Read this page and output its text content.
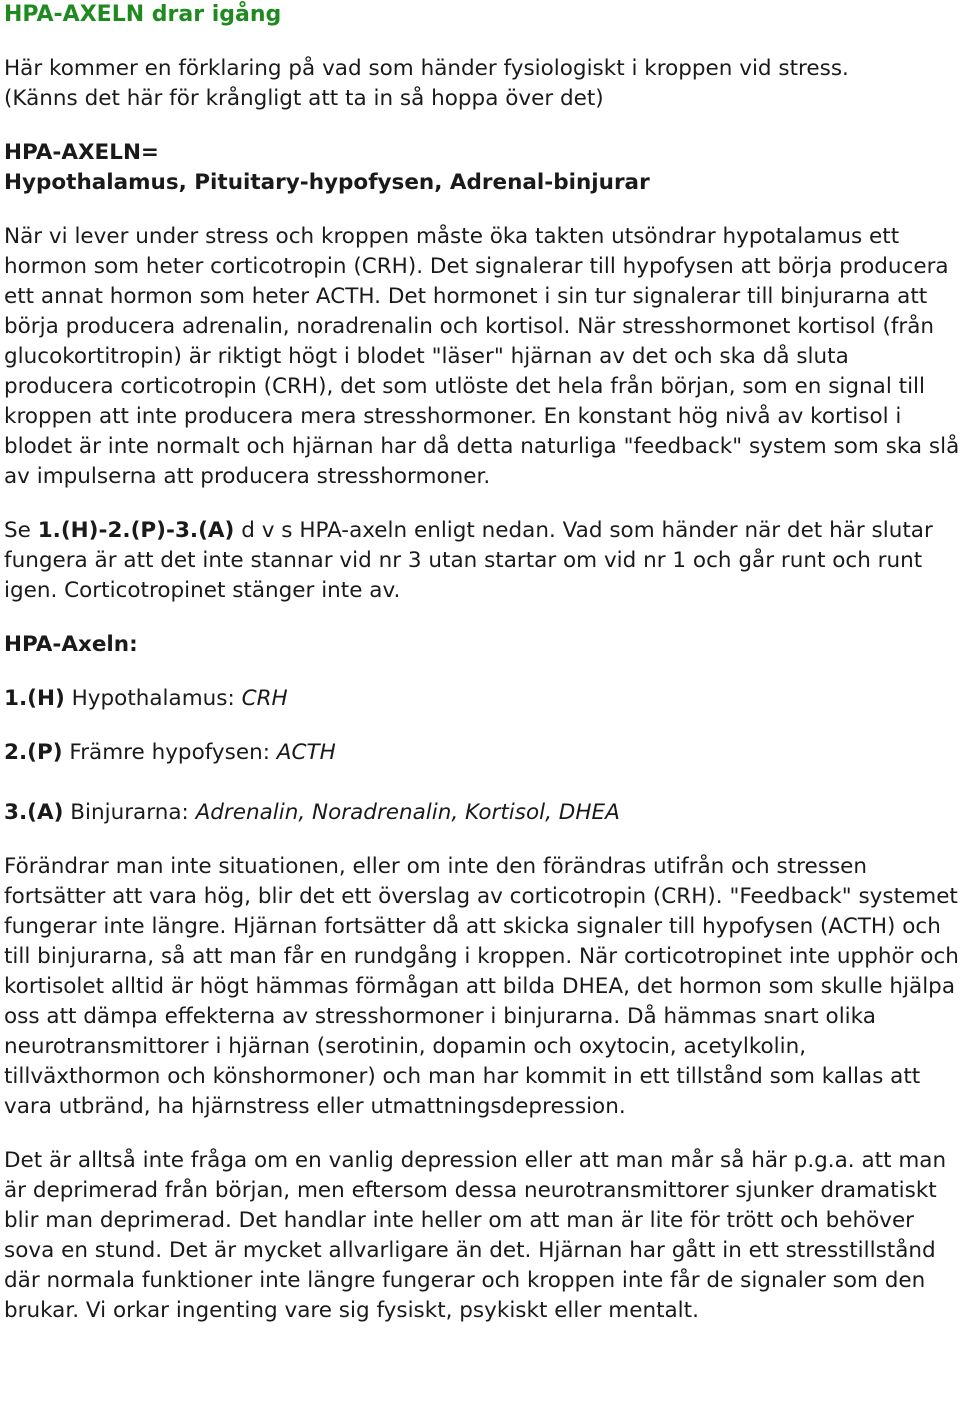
HPA-AXELN drar igång

Här kommer en förklaring på vad som händer fysiologiskt i kroppen vid stress.
(Känns det här för krångligt att ta in så hoppa över det)

HPA-AXELN=
Hypothalamus, Pituitary-hypofysen, Adrenal-binjurar

När vi lever under stress och kroppen måste öka takten utsöndrar hypotalamus ett hormon som heter corticotropin (CRH). Det signalerar till hypofysen att börja producera ett annat hormon som heter ACTH. Det hormonet i sin tur signalerar till binjurarna att börja producera adrenalin, noradrenalin och kortisol. När stresshormonet kortisol (från glucokortitropin) är riktigt högt i blodet "läser" hjärnan av det och ska då sluta producera corticotropin (CRH), det som utlöste det hela från början, som en signal till kroppen att inte producera mera stresshormoner. En konstant hög nivå av kortisol i blodet är inte normalt och hjärnan har då detta naturliga "feedback" system som ska slå av impulserna att producera stresshormoner.

Se 1.(H)-2.(P)-3.(A) d v s HPA-axeln enligt nedan. Vad som händer när det här slutar fungera är att det inte stannar vid nr 3 utan startar om vid nr 1 och går runt och runt igen. Corticotropinet stänger inte av.

HPA-Axeln:

1.(H) Hypothalamus: CRH

2.(P) Främre hypofysen: ACTH

3.(A) Binjurarna: Adrenalin, Noradrenalin, Kortisol, DHEA

Förändrar man inte situationen, eller om inte den förändras utifrån och stressen fortsätter att vara hög, blir det ett överslag av corticotropin (CRH). "Feedback" systemet fungerar inte längre. Hjärnan fortsätter då att skicka signaler till hypofysen (ACTH) och till binjurarna, så att man får en rundgång i kroppen. När corticotropinet inte upphör och kortisolet alltid är högt hämmas förmågan att bilda DHEA, det hormon som skulle hjälpa oss att dämpa effekterna av stresshormoner i binjurarna. Då hämmas snart olika neurotransmittorer i hjärnan (serotinin, dopamin och oxytocin, acetylkolin, tillväxthormon och könshormoner) och man har kommit in ett tillstånd som kallas att vara utbränd, ha hjärnstress eller utmattningsdepression.

Det är alltså inte fråga om en vanlig depression eller att man mår så här p.g.a. att man är deprimerad från början, men eftersom dessa neurotransmittorer sjunker dramatiskt blir man deprimerad. Det handlar inte heller om att man är lite för trött och behöver sova en stund. Det är mycket allvarligare än det. Hjärnan har gått in ett stresstillstånd där normala funktioner inte längre fungerar och kroppen inte får de signaler som den brukar. Vi orkar ingenting vare sig fysiskt, psykiskt eller mentalt.
